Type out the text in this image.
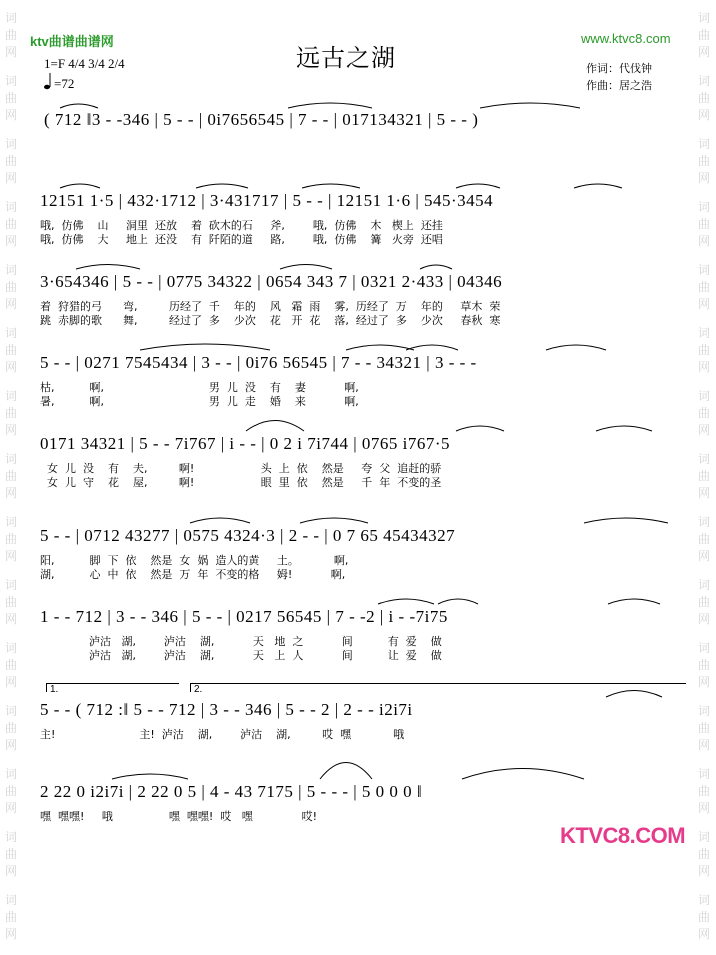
词
曲
网
词
曲
网
词
曲
网
词
曲
网
词
曲
网
词
曲
网
词
曲
网
词
曲
网
词
曲
网
词
曲
网
词
曲
网
词
曲
网
词
曲
网
词
曲
网
词
曲
网
词
曲
网
词
曲
网
词
曲
网
词
曲
网
词
曲
网
词
曲
网
词
曲
网
词
曲
网
词
曲
网
词
曲
网
词
曲
网
词
曲
网
词
曲
网
词
曲
网
词
曲
网
ktv曲谱曲谱网	www.ktvc8.com
远古之湖
1=F 4/4 3/4 2/4
=72
作词：代伐钟
作曲：居之浩
( 712 ‖3 - -346 | 5 - - | 0i7656545 | 7 - - | 017134321 | 5 - - )
12151 1·5 | 432·1712 | 3·431717 | 5 - - | 12151 1·6 | 545·3454
哦,  仿佛    山     洞里  还放    着  砍木的石     斧,        哦,  仿佛    木   楔上  还挂
哦,  仿佛    大     地上  还没    有  阡陌的道     路,        哦,  仿佛    篝   火旁  还唱
3·654346 | 5 - - | 0775 34322 | 0654 343 7 | 0321 2·433 | 04346
着  狩猎的弓      弯,         历经了  千    年的    风   霜  雨    雾,  历经了  万    年的     草木  荣
跳  赤脚的歌      舞,         经过了  多    少次    花   开  花    落,  经过了  多    少次     春秋  寒
5 - - | 0271 7545434 | 3 - - | 0i76 56545 | 7 - - 34321 | 3 - - -
枯,          啊,                              男  儿  没    有    妻           啊,
暑,          啊,                              男  儿  走    婚    来           啊,
0171 34321 | 5 - - 7i767 | i - - | 0 2 i 7i744 | 0765 i767·5
女  儿  没    有    夫,         啊!                   头  上  依    然是     夸  父  追赶的骄
女  儿  守    花    屋,         啊!                   眼  里  依    然是     千  年  不变的圣
5 - - | 0712 43277 | 0575 4324·3 | 2 - - | 0 7 65 45434327
阳,          脚  下  依    然是  女  娲  造人的黄     土。          啊,
湖,          心  中  依    然是  万  年  不变的格     姆!           啊,
1 - - 712 | 3 - - 346 | 5 - - | 0217 56545 | 7 - -2 | i - -7i75
泸沽   湖,        泸沽    湖,           天   地  之           间          有  爱    做
泸沽   湖,        泸沽    湖,           天   上  人           间          让  爱    做
1.	2.
5 - - ( 712 :‖ 5 - - 712 | 3 - - 346 | 5 - - 2 | 2 - - i2i7i
主!                        主!  泸沽    湖,        泸沽    湖,         哎  嘿            哦
2 22 0 i2i7i | 2 22 0 5 | 4 - 43 7175 | 5 - - - | 5 0 0 0 ‖
嘿  嘿嘿!     哦                嘿  嘿嘿!  哎   嘿              哎!
KTVC8.COM
